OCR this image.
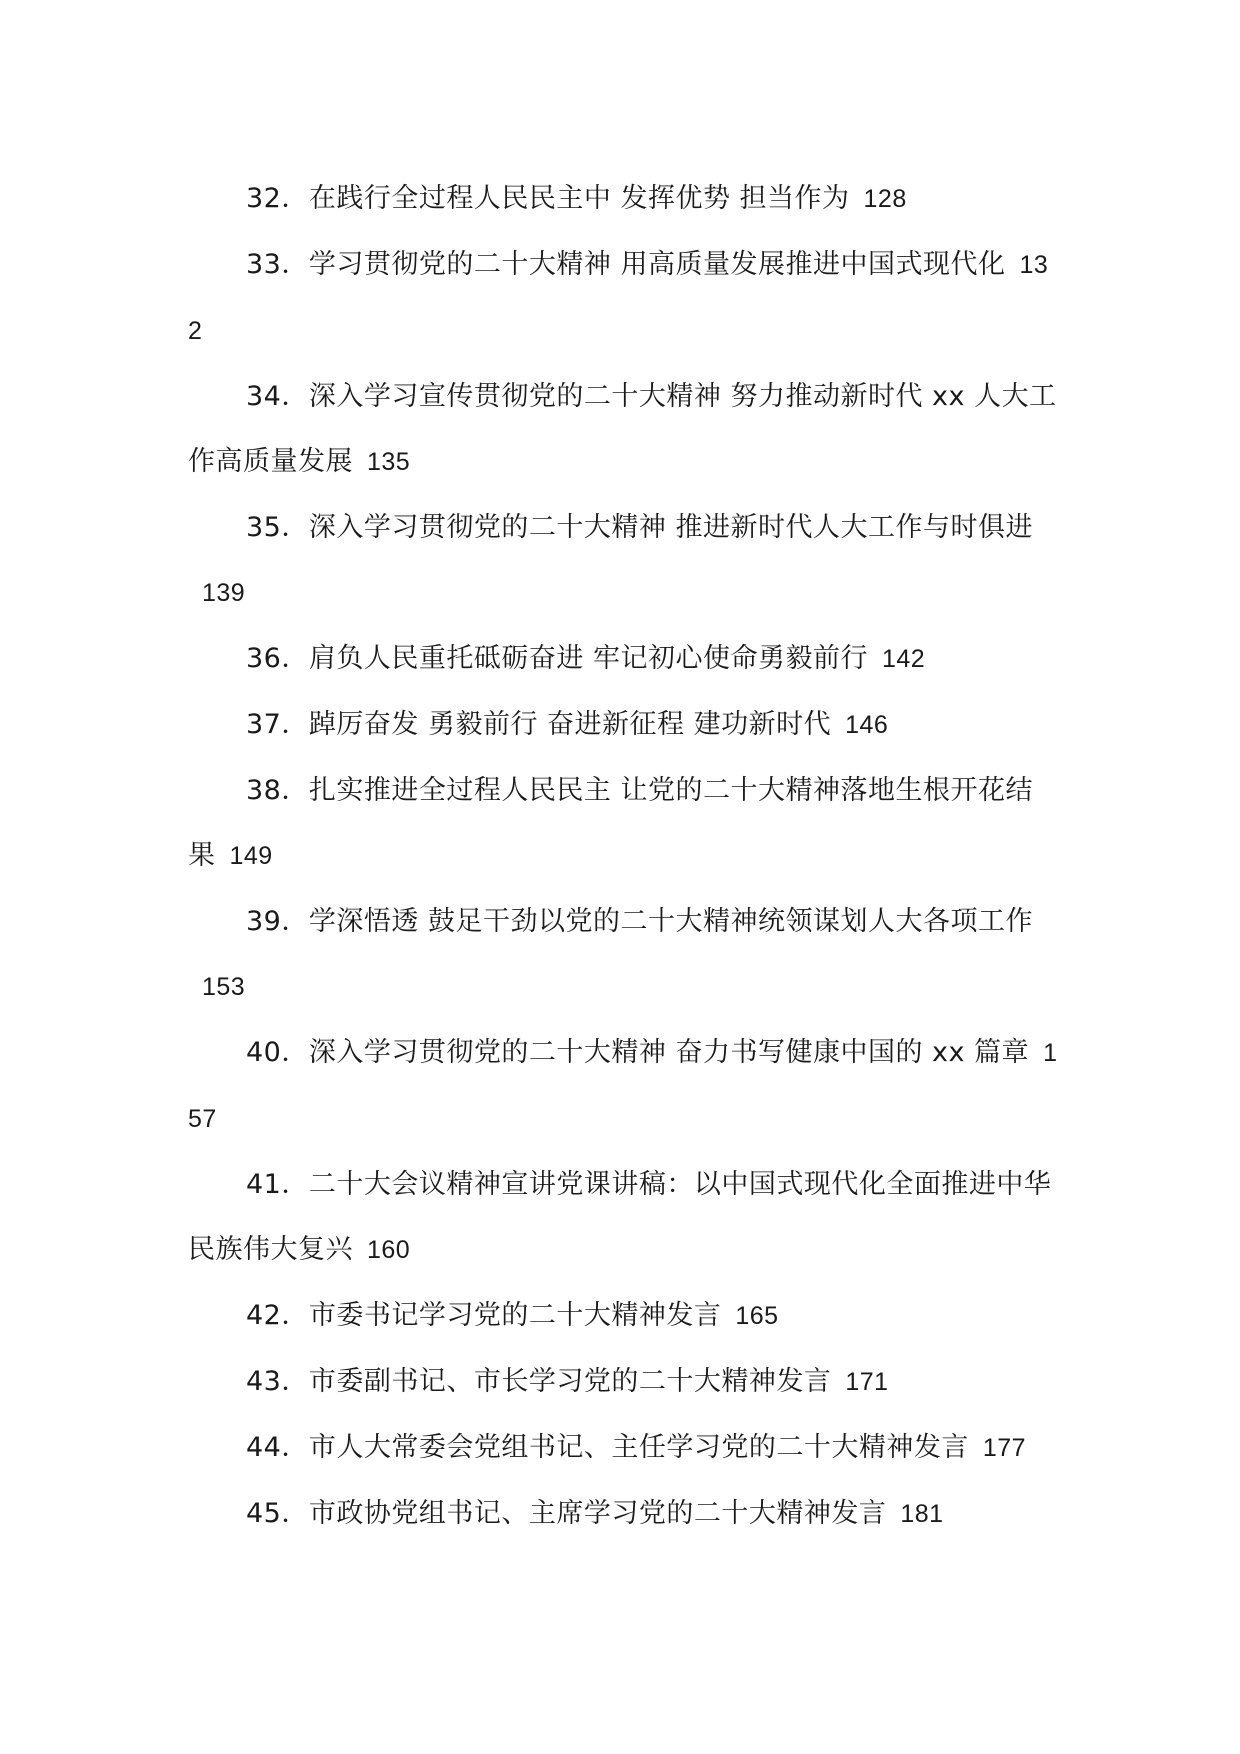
32．在践行全过程人民民主中 发挥优势 担当作为 128

33．学习贯彻党的二十大精神 用高质量发展推进中国式现代化 132

34．深入学习宣传贯彻党的二十大精神 努力推动新时代 xx 人大工作高质量发展 135

35．深入学习贯彻党的二十大精神 推进新时代人大工作与时俱进139

36．肩负人民重托砥砺奋进 牢记初心使命勇毅前行 142

37．踔厉奋发 勇毅前行 奋进新征程 建功新时代 146

38．扎实推进全过程人民民主 让党的二十大精神落地生根开花结果 149

39．学深悟透 鼓足干劲以党的二十大精神统领谋划人大各项工作153

40．深入学习贯彻党的二十大精神 奋力书写健康中国的 xx 篇章 157

41．二十大会议精神宣讲党课讲稿：以中国式现代化全面推进中华民族伟大复兴 160

42．市委书记学习党的二十大精神发言 165

43．市委副书记、市长学习党的二十大精神发言 171

44．市人大常委会党组书记、主任学习党的二十大精神发言 177

45．市政协党组书记、主席学习党的二十大精神发言 181
